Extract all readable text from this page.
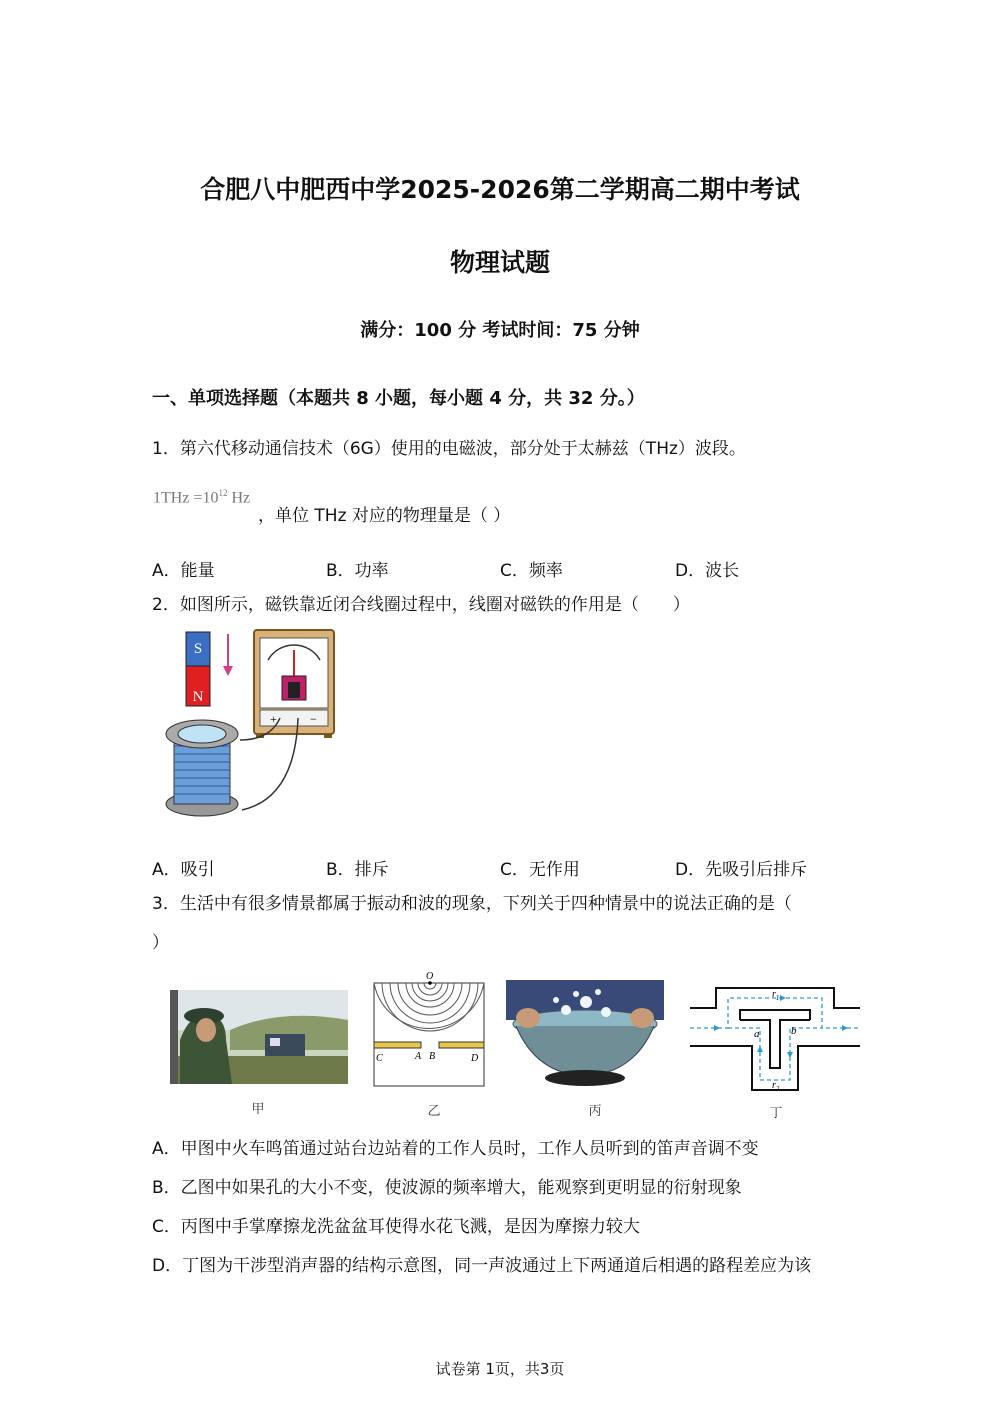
合肥八中肥西中学2025-2026第二学期高二期中考试
物理试题
满分：100 分 考试时间：75 分钟
一、单项选择题（本题共 8 小题，每小题 4 分，共 32 分。）
1．第六代移动通信技术（6G）使用的电磁波，部分处于太赫兹（THz）波段。
$1THz =10^{12}$ Hz
，单位 THz 对应的物理量是（ ）
A．能量	B．功率	C．频率	D．波长
2．如图所示，磁铁靠近闭合线圈过程中，线圈对磁铁的作用是（　　）
S
N
+	−
A．吸引	B．排斥	C．无作用	D．先吸引后排斥
3．生活中有很多情景都属于振动和波的现象，下列关于四种情景中的说法正确的是（
）
O
C	A B	D
$r_1$
a	b
$r_2$
甲	乙	丙	丁
A．甲图中火车鸣笛通过站台边站着的工作人员时，工作人员听到的笛声音调不变
B．乙图中如果孔的大小不变，使波源的频率增大，能观察到更明显的衍射现象
C．丙图中手掌摩擦龙洗盆盆耳使得水花飞溅，是因为摩擦力较大
D．丁图为干涉型消声器的结构示意图，同一声波通过上下两通道后相遇的路程差应为该
试卷第 1页，共3页
